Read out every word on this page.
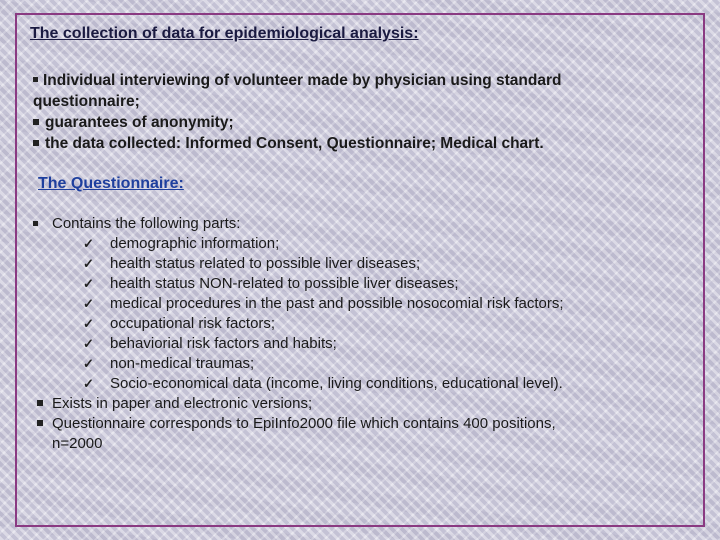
The collection of data for epidemiological analysis:
Individual interviewing of volunteer made by physician using standard
questionnaire;
guarantees of anonymity;
the data collected: Informed Consent, Questionnaire; Medical chart.
The Questionnaire:
Contains the following parts:
✓ demographic information;
✓ health status related to possible liver diseases;
✓ health status NON-related to possible liver diseases;
✓ medical procedures in the past and possible nosocomial risk factors;
✓ occupational risk factors;
✓ behaviorial risk factors and habits;
✓ non-medical traumas;
✓ Socio-economical data (income, living conditions, educational level).
Exists in paper and electronic versions;
Questionnaire corresponds to EpiInfo2000 file which contains 400 positions,
n=2000
